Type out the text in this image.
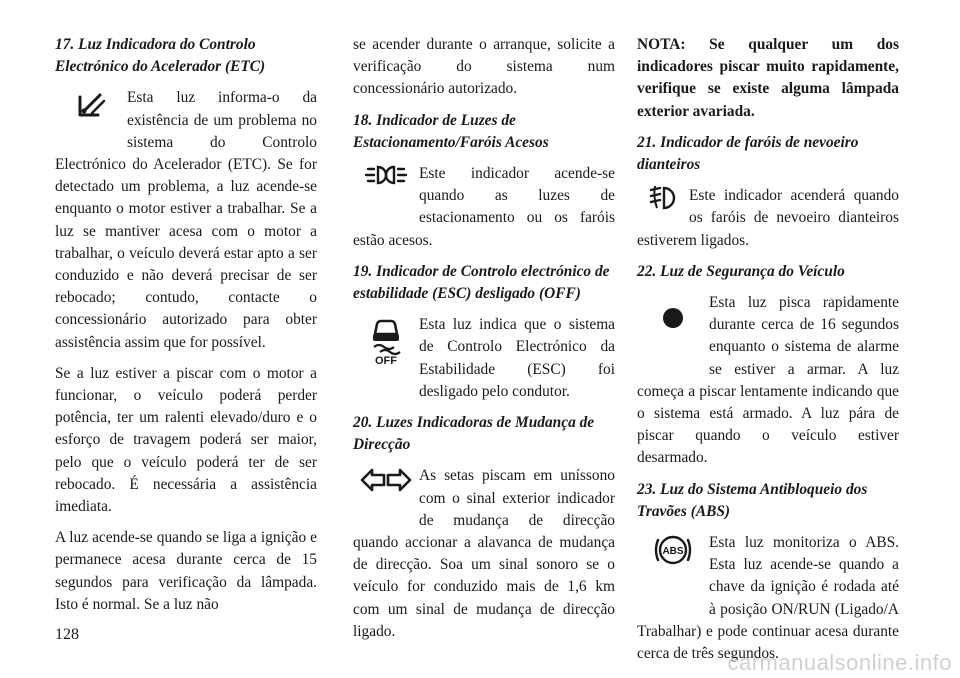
17. Luz Indicadora do Controlo Electrónico do Acelerador (ETC)

Esta luz informa-o da existência de um problema no sistema do Controlo Electrónico do Acelerador (ETC). Se for detectado um problema, a luz acende-se enquanto o motor estiver a trabalhar. Se a luz se mantiver acesa com o motor a trabalhar, o veículo deverá estar apto a ser conduzido e não deverá precisar de ser rebocado; contudo, contacte o concessionário autorizado para obter assistência assim que for possível.

Se a luz estiver a piscar com o motor a funcionar, o veículo poderá perder potência, ter um ralenti elevado/duro e o esforço de travagem poderá ser maior, pelo que o veículo poderá ter de ser rebocado. É necessária a assistência imediata.

A luz acende-se quando se liga a ignição e permanece acesa durante cerca de 15 segundos para verificação da lâmpada. Isto é normal. Se a luz não

se acender durante o arranque, solicite a verificação do sistema num concessionário autorizado.

18. Indicador de Luzes de Estacionamento/Faróis Acesos

Este indicador acende-se quando as luzes de estacionamento ou os faróis estão acesos.

19. Indicador de Controlo electrónico de estabilidade (ESC) desligado (OFF)
OFF

Esta luz indica que o sistema de Controlo Electrónico da Estabilidade (ESC) foi desligado pelo condutor.

20. Luzes Indicadoras de Mudança de Direcção

As setas piscam em uníssono com o sinal exterior indicador de mudança de direcção quando accionar a alavanca de mudança de direcção. Soa um sinal sonoro se o veículo for conduzido mais de 1,6 km com um sinal de mudança de direcção ligado.

NOTA: Se qualquer um dos indicadores piscar muito rapidamente, verifique se existe alguma lâmpada exterior avariada.
21. Indicador de faróis de nevoeiro dianteiros

Este indicador acenderá quando os faróis de nevoeiro dianteiros estiverem ligados.

22. Luz de Segurança do Veículo

Esta luz pisca rapidamente durante cerca de 16 segundos enquanto o sistema de alarme se estiver a armar. A luz começa a piscar lentamente indicando que o sistema está armado. A luz pára de piscar quando o veículo estiver desarmado.

23. Luz do Sistema Antibloqueio dos Travões (ABS)
ABS

Esta luz monitoriza o ABS. Esta luz acende-se quando a chave da ignição é rodada até à posição ON/RUN (Ligado/A Trabalhar) e pode continuar acesa durante cerca de três segundos.

128
carmanualsonline.info
